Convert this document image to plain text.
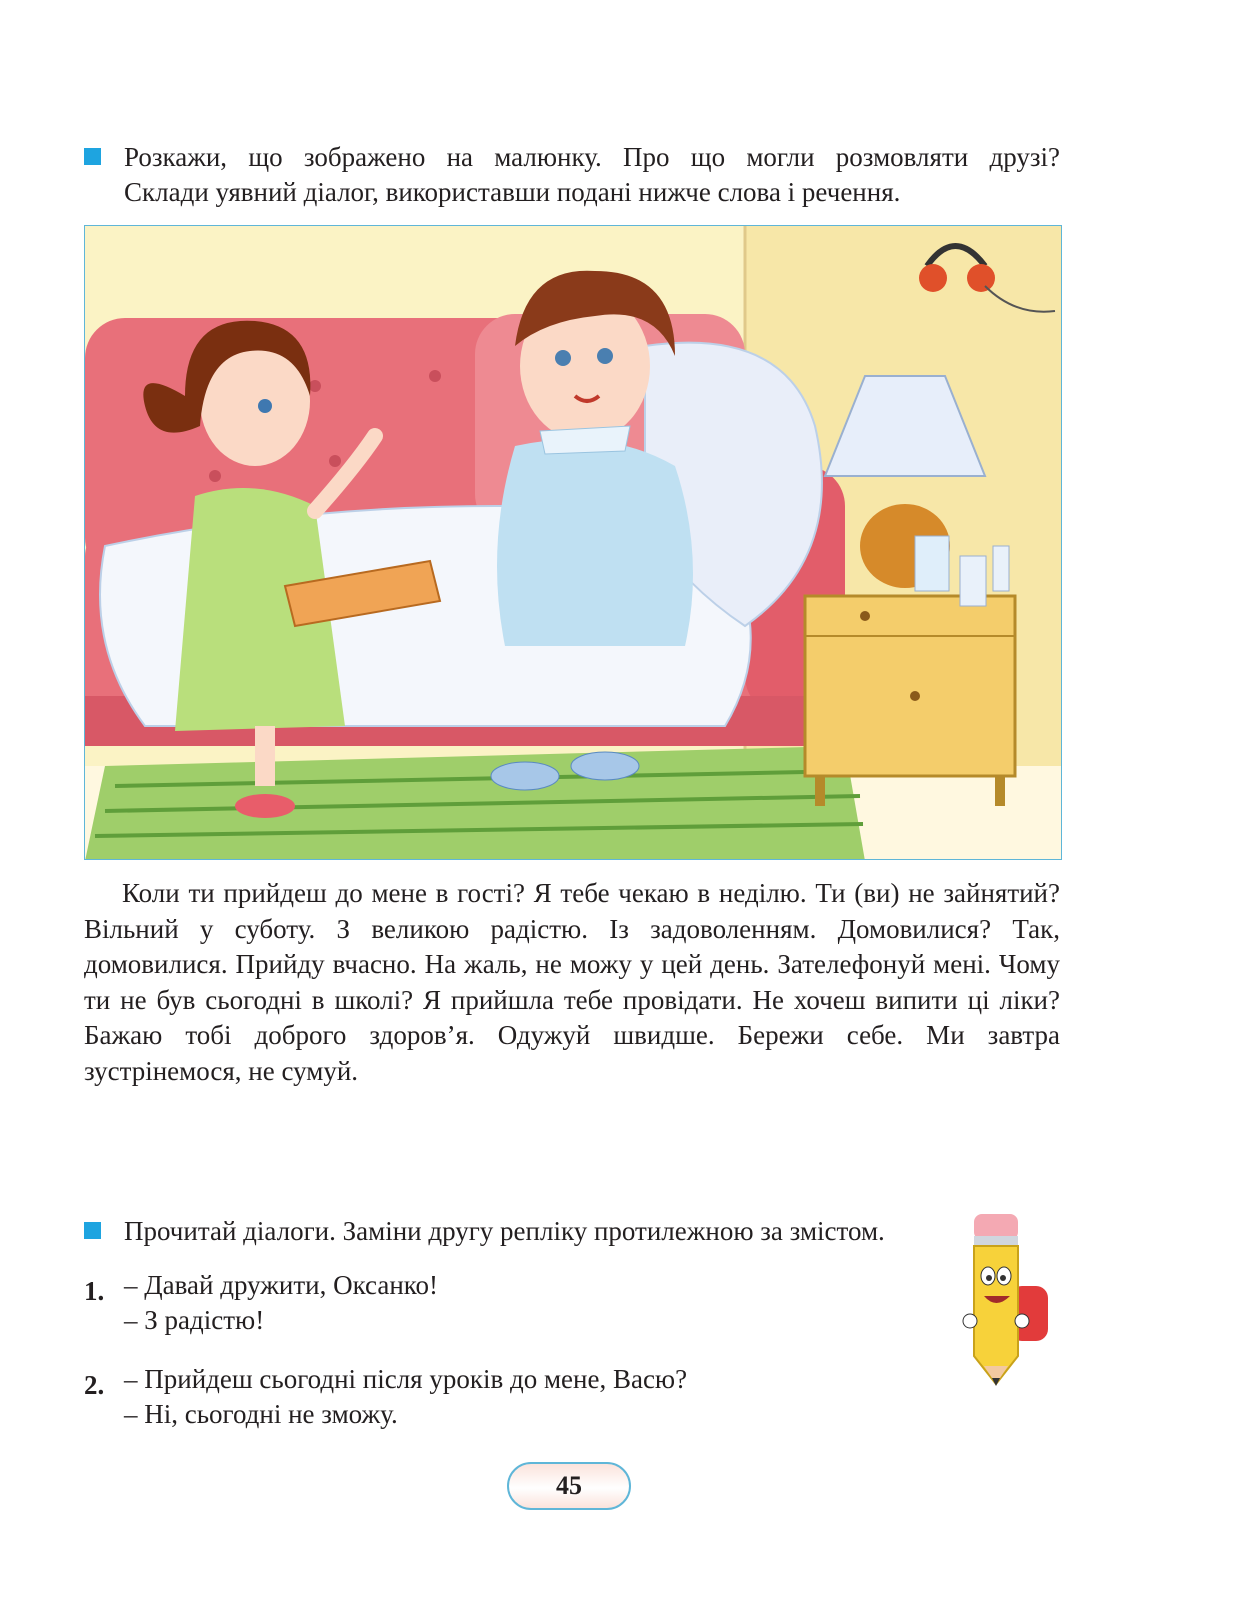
Розкажи, що зображено на малюнку. Про що могли розмовляти друзі?
Склади уявний діалог, використавши подані нижче слова і речення.

Коли ти прийдеш до мене в гості? Я тебе чекаю в неділю. Ти (ви) не зайнятий? Вільний у суботу. З великою радістю. Із задоволенням. Домовилися? Так, домовилися. Прийду вчасно. На жаль, не можу у цей день. Зателефонуй мені. Чому ти не був сьогодні в школі? Я прийшла тебе провідати. Не хочеш випити ці ліки? Бажаю тобі доброго здоров’я. Одужуй швидше. Бережи себе. Ми завтра зустрінемося, не сумуй.

Прочитай діалоги. Заміни другу репліку протилежною за змістом.

1. – Давай дружити, Оксанко!
– З радістю!
2. – Прийдеш сьогодні після уроків до мене, Васю?
– Ні, сьогодні не зможу.
45
